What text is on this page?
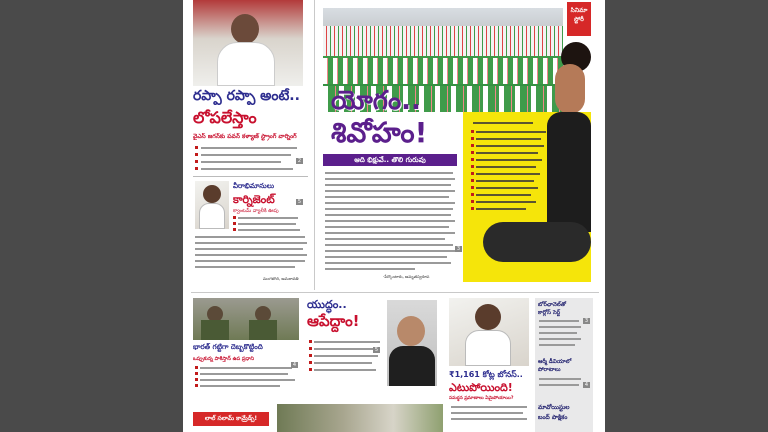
రప్పా రప్పా అంటే..
లోపలేస్తాం
వైఎస్ జగన్‌కు పవన్ కళ్యాణ్ స్ట్రాంగ్ వార్నింగ్
2
వీరాభిమానులు
కార్నిజెంట్
క్వాంటమ్ వ్యాలీకి ఊపు
5
మంగళగిరి, అమరావతి
సినిమా స్టోరీ
యోగం..
శివోహం!
ఆది భిక్షువే.. తొలి గురువు
-పేర్కొంటారు, అమృతస్వరూప
3
భారత్ గట్టిగా దెబ్బకొట్టింది
ఒప్పుకున్న పాకిస్తాన్ ఉప ప్రధాని
4
యుద్ధం..
ఆపేద్దాం!
5
₹1,161 కోట్ల బోనస్..
ఎటుపోయింది!
సమర్థన ప్రమాణాలు ఏమైపోయాయి?
బోర్‌ఛానెల్‌తో
కార్లోస్ సెర్ట్
3
ఆర్మీ డీవియాలో
పోరాటాలు
4
మావోయిస్టుల
బంద్ పాక్షికం
లాల్ సలామ్ కామ్రేడ్స్!
